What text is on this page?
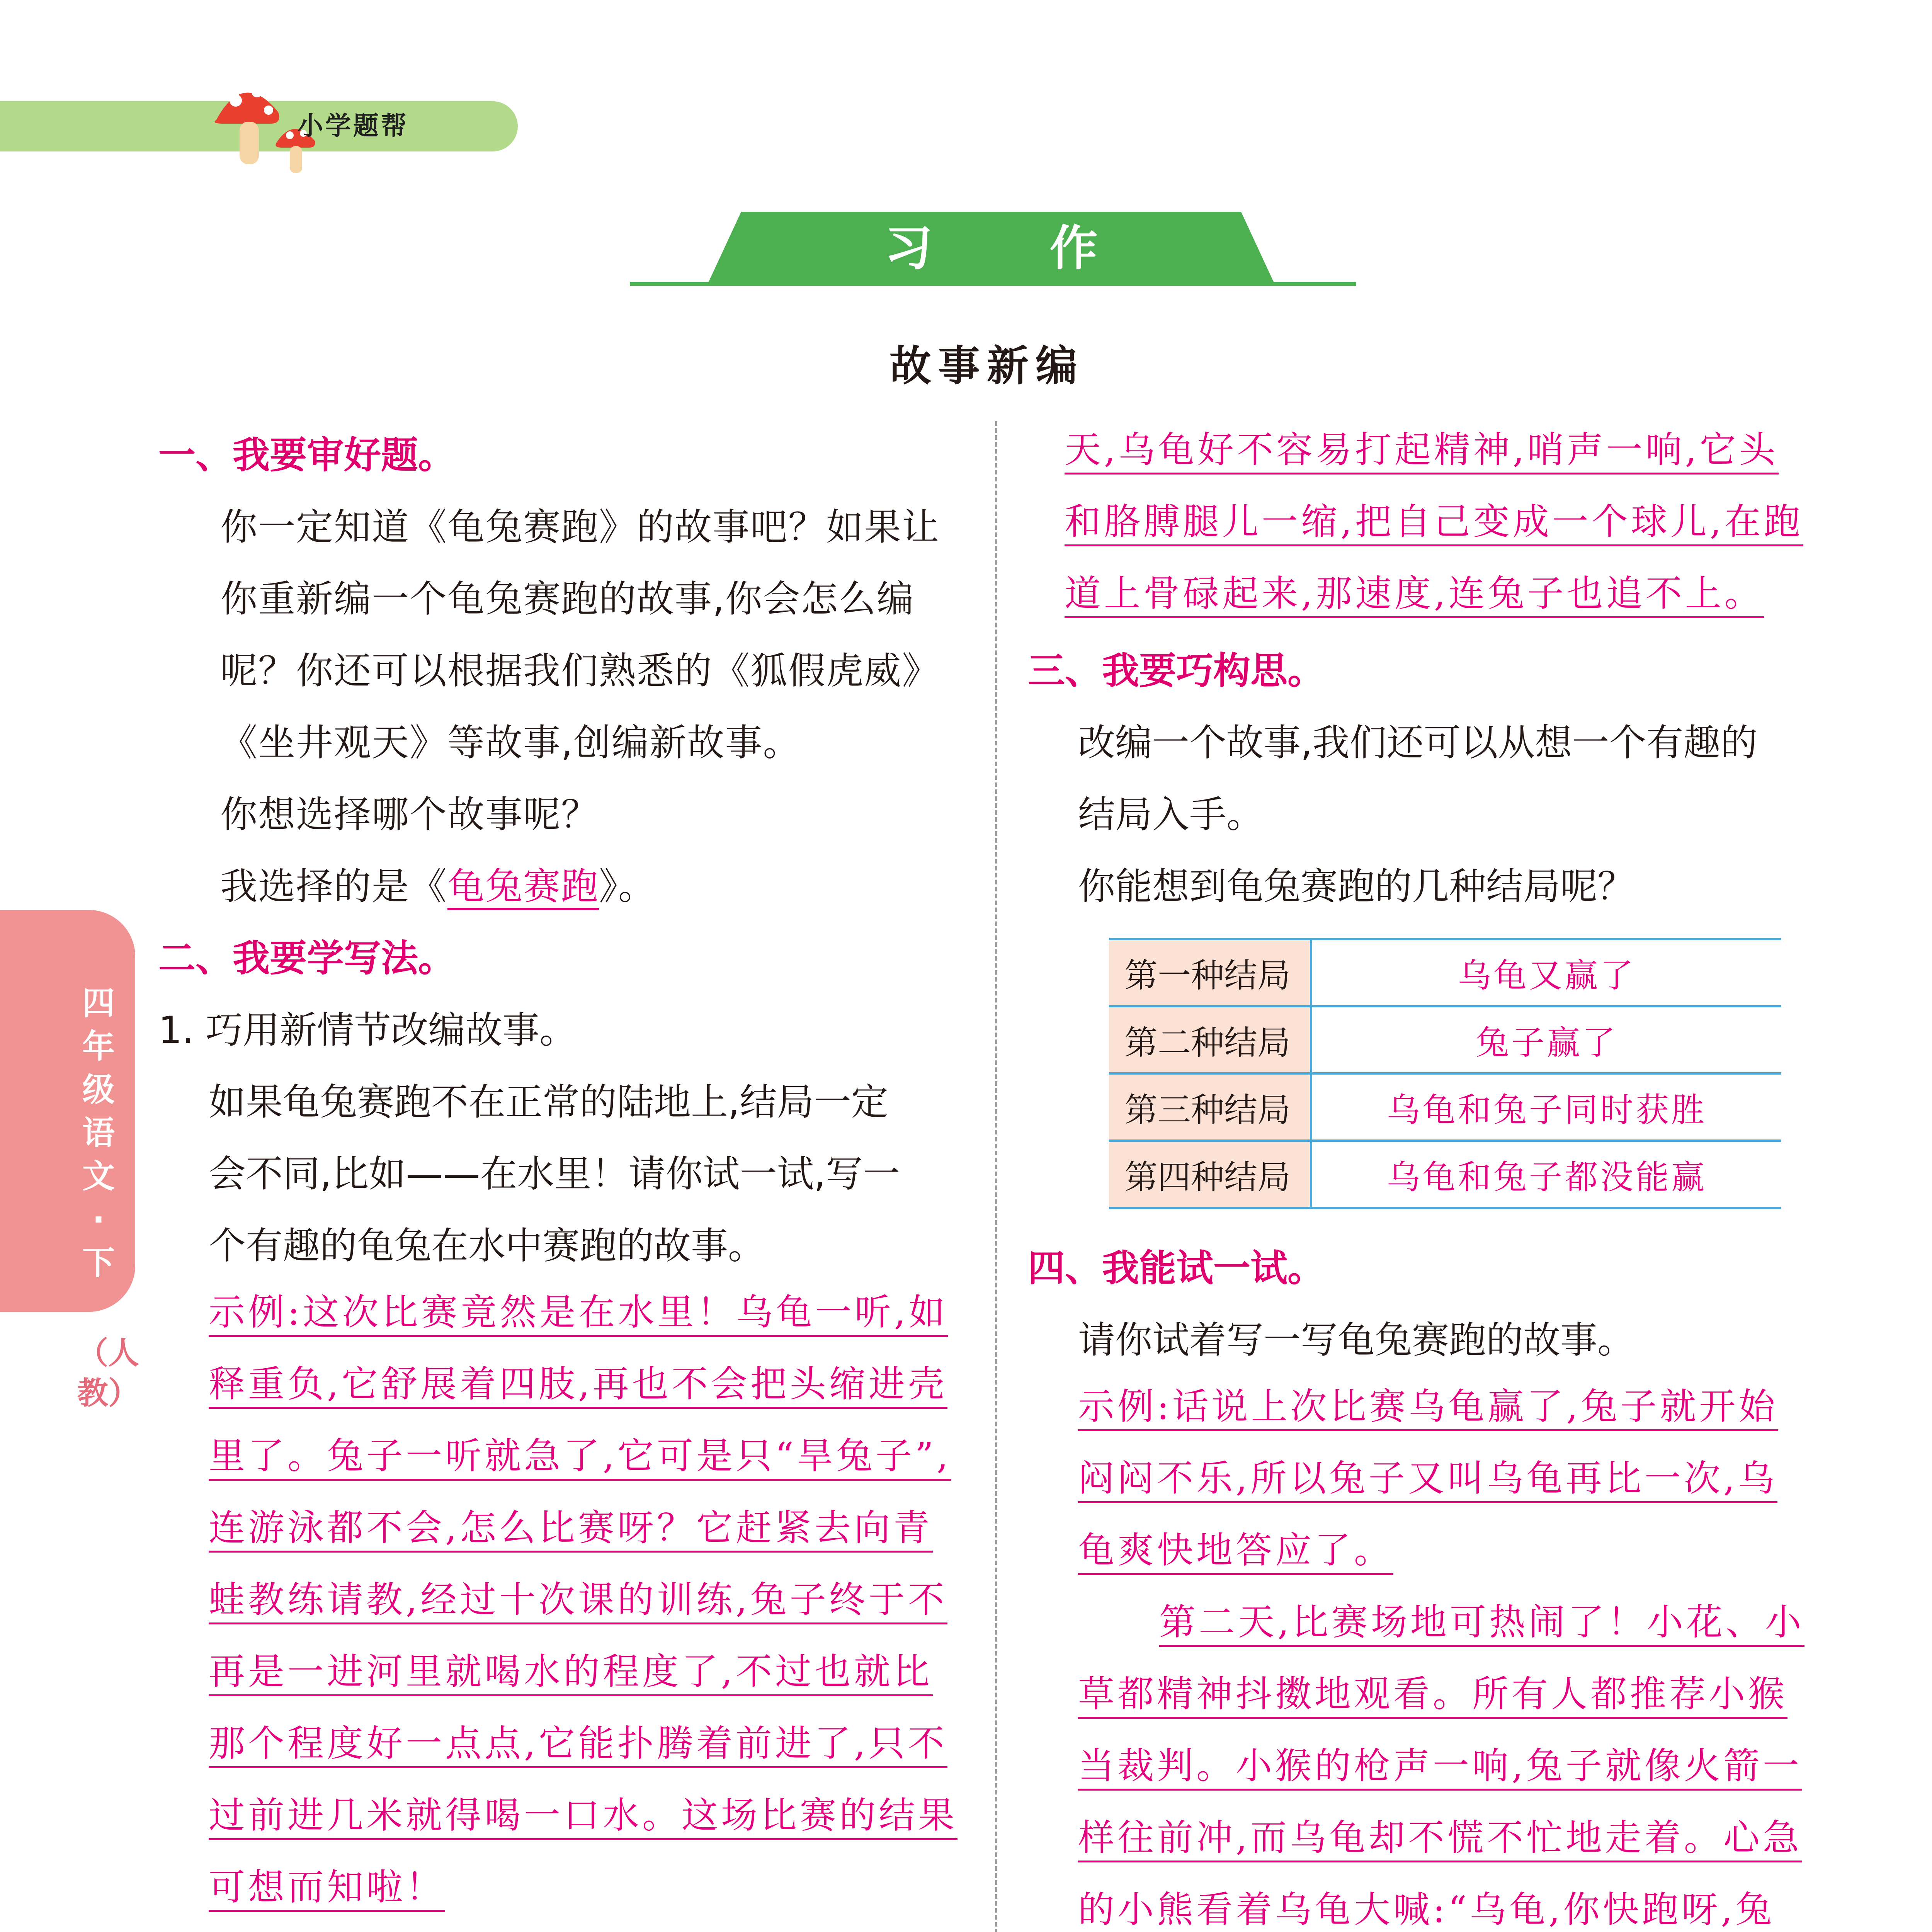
小学题帮
习 作
故事新编
四年级语文·下
（人教）
一、我要审好题。
你一定知道《龟兔赛跑》的故事吧？如果让
你重新编一个龟兔赛跑的故事,你会怎么编
呢？你还可以根据我们熟悉的《狐假虎威》
《坐井观天》等故事,创编新故事。
你想选择哪个故事呢？
我选择的是《龟兔赛跑》。
二、我要学写法。
1. 巧用新情节改编故事。
如果龟兔赛跑不在正常的陆地上,结局一定
会不同,比如——在水里！请你试一试,写一
个有趣的龟兔在水中赛跑的故事。
示例:这次比赛竟然是在水里！乌龟一听,如
释重负,它舒展着四肢,再也不会把头缩进壳
里了。兔子一听就急了,它可是只“旱兔子”,
连游泳都不会,怎么比赛呀？它赶紧去向青
蛙教练请教,经过十次课的训练,兔子终于不
再是一进河里就喝水的程度了,不过也就比
那个程度好一点点,它能扑腾着前进了,只不
过前进几米就得喝一口水。这场比赛的结果
可想而知啦！
天,乌龟好不容易打起精神,哨声一响,它头
和胳膊腿儿一缩,把自己变成一个球儿,在跑
道上骨碌起来,那速度,连兔子也追不上。
三、我要巧构思。
改编一个故事,我们还可以从想一个有趣的
结局入手。
你能想到龟兔赛跑的几种结局呢？
第一种结局	乌龟又赢了
第二种结局	兔子赢了
第三种结局	乌龟和兔子同时获胜
第四种结局	乌龟和兔子都没能赢
四、我能试一试。
请你试着写一写龟兔赛跑的故事。
示例:话说上次比赛乌龟赢了,兔子就开始
闷闷不乐,所以兔子又叫乌龟再比一次,乌
龟爽快地答应了。
第二天,比赛场地可热闹了！小花、小
草都精神抖擞地观看。所有人都推荐小猴
当裁判。小猴的枪声一响,兔子就像火箭一
样往前冲,而乌龟却不慌不忙地走着。心急
的小熊看着乌龟大喊:“乌龟,你快跑呀,兔
